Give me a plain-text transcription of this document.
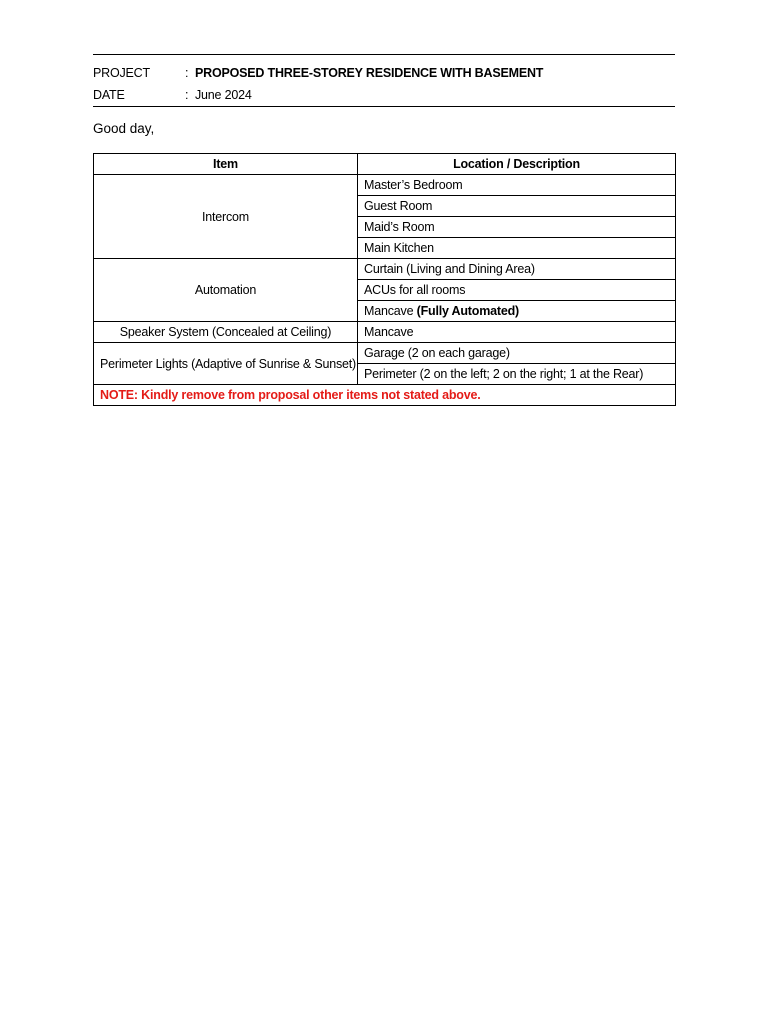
PROJECT	: PROPOSED THREE-STOREY RESIDENCE WITH BASEMENT
DATE	: June 2024
Good day,
Item	Location / Description
Intercom	Master’s Bedroom
	Guest Room
	Maid’s Room
	Main Kitchen
Automation	Curtain (Living and Dining Area)
	ACUs for all rooms
	Mancave (Fully Automated)
Speaker System (Concealed at Ceiling)	Mancave
Perimeter Lights (Adaptive of Sunrise & Sunset)	Garage (2 on each garage)
	Perimeter (2 on the left; 2 on the right; 1 at the Rear)
NOTE: Kindly remove from proposal other items not stated above.	
